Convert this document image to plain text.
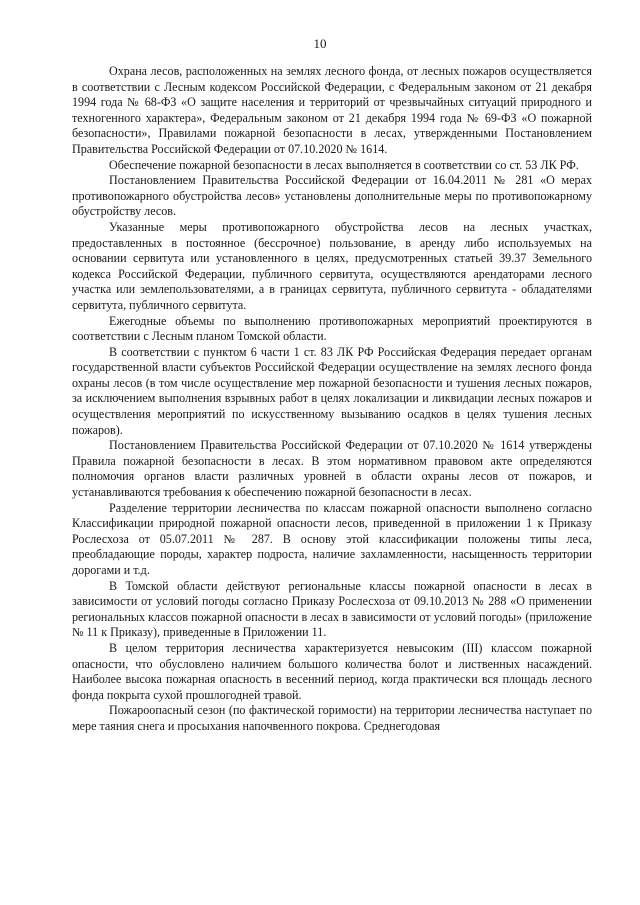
10

Охрана лесов, расположенных на землях лесного фонда, от лесных пожаров осуществляется в соответствии с Лесным кодексом Российской Федерации, с Федеральным законом от 21 декабря 1994 года № 68-ФЗ «О защите населения и территорий от чрезвычайных ситуаций природного и техногенного характера», Федеральным законом от 21 декабря 1994 года № 69-ФЗ «О пожарной безопасности», Правилами пожарной безопасности в лесах, утвержденными Постановлением Правительства Российской Федерации от 07.10.2020 № 1614.

Обеспечение пожарной безопасности в лесах выполняется в соответствии со ст. 53 ЛК РФ.

Постановлением Правительства Российской Федерации от 16.04.2011 № 281 «О мерах противопожарного обустройства лесов» установлены дополнительные меры по противопожарному обустройству лесов.

Указанные меры противопожарного обустройства лесов на лесных участках, предоставленных в постоянное (бессрочное) пользование, в аренду либо используемых на основании сервитута или установленного в целях, предусмотренных статьей 39.37 Земельного кодекса Российской Федерации, публичного сервитута, осуществляются арендаторами лесного участка или землепользователями, а в границах сервитута, публичного сервитута - обладателями сервитута, публичного сервитута.

Ежегодные объемы по выполнению противопожарных мероприятий проектируются в соответствии с Лесным планом Томской области.

В соответствии с пунктом 6 части 1 ст. 83 ЛК РФ Российская Федерация передает органам государственной власти субъектов Российской Федерации осуществление на землях лесного фонда охраны лесов (в том числе осуществление мер пожарной безопасности и тушения лесных пожаров, за исключением выполнения взрывных работ в целях локализации и ликвидации лесных пожаров и осуществления мероприятий по искусственному вызыванию осадков в целях тушения лесных пожаров).

Постановлением Правительства Российской Федерации от 07.10.2020 № 1614 утверждены Правила пожарной безопасности в лесах. В этом нормативном правовом акте определяются полномочия органов власти различных уровней в области охраны лесов от пожаров, и устанавливаются требования к обеспечению пожарной безопасности в лесах.

Разделение территории лесничества по классам пожарной опасности выполнено согласно Классификации природной пожарной опасности лесов, приведенной в приложении 1 к Приказу Рослесхоза от 05.07.2011 № 287. В основу этой классификации положены типы леса, преобладающие породы, характер подроста, наличие захламленности, насыщенность территории дорогами и т.д.

В Томской области действуют региональные классы пожарной опасности в лесах в зависимости от условий погоды согласно Приказу Рослесхоза от 09.10.2013 № 288 «О применении региональных классов пожарной опасности в лесах в зависимости от условий погоды» (приложение № 11 к Приказу), приведенные в Приложении 11.

В целом территория лесничества характеризуется невысоким (III) классом пожарной опасности, что обусловлено наличием большого количества болот и лиственных насаждений. Наиболее высока пожарная опасность в весенний период, когда практически вся площадь лесного фонда покрыта сухой прошлогодней травой.

Пожароопасный сезон (по фактической горимости) на территории лесничества наступает по мере таяния снега и просыхания напочвенного покрова. Среднегодовая
